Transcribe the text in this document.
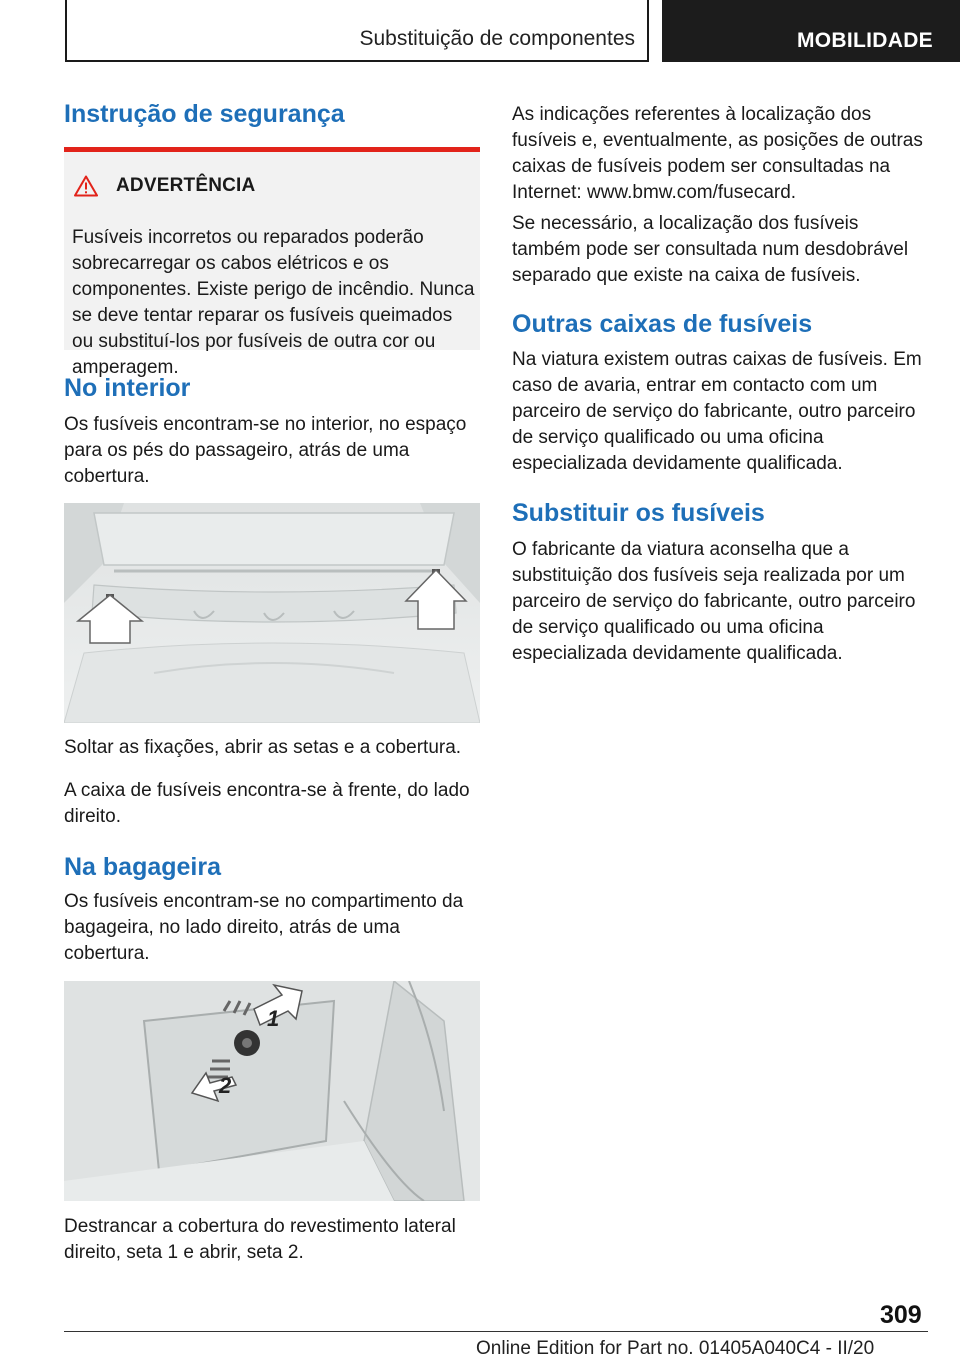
Substituição de componentes	MOBILIDADE
Instrução de segurança
ADVERTÊNCIA

Fusíveis incorretos ou reparados poderão sobrecarregar os cabos elétricos e os componentes. Existe perigo de incêndio. Nunca se deve tentar reparar os fusíveis queimados ou substituí-los por fusíveis de outra cor ou amperagem.

No interior

Os fusíveis encontram-se no interior, no espaço para os pés do passageiro, atrás de uma cobertura.

Soltar as fixações, abrir as setas e a cobertura.

A caixa de fusíveis encontra-se à frente, do lado direito.

Na bagageira

Os fusíveis encontram-se no compartimento da bagageira, no lado direito, atrás de uma cobertura.

1
2

Destrancar a cobertura do revestimento lateral direito, seta 1 e abrir, seta 2.

As indicações referentes à localização dos fusíveis e, eventualmente, as posições de outras caixas de fusíveis podem ser consultadas na Internet: www.bmw.com/fusecard.

Se necessário, a localização dos fusíveis também pode ser consultada num desdobrável separado que existe na caixa de fusíveis.

Outras caixas de fusíveis

Na viatura existem outras caixas de fusíveis. Em caso de avaria, entrar em contacto com um parceiro de serviço do fabricante, outro parceiro de serviço qualificado ou uma oficina especializada devidamente qualificada.

Substituir os fusíveis

O fabricante da viatura aconselha que a substituição dos fusíveis seja realizada por um parceiro de serviço do fabricante, outro parceiro de serviço qualificado ou uma oficina especializada devidamente qualificada.

309
Online Edition for Part no. 01405A040C4 - II/20
